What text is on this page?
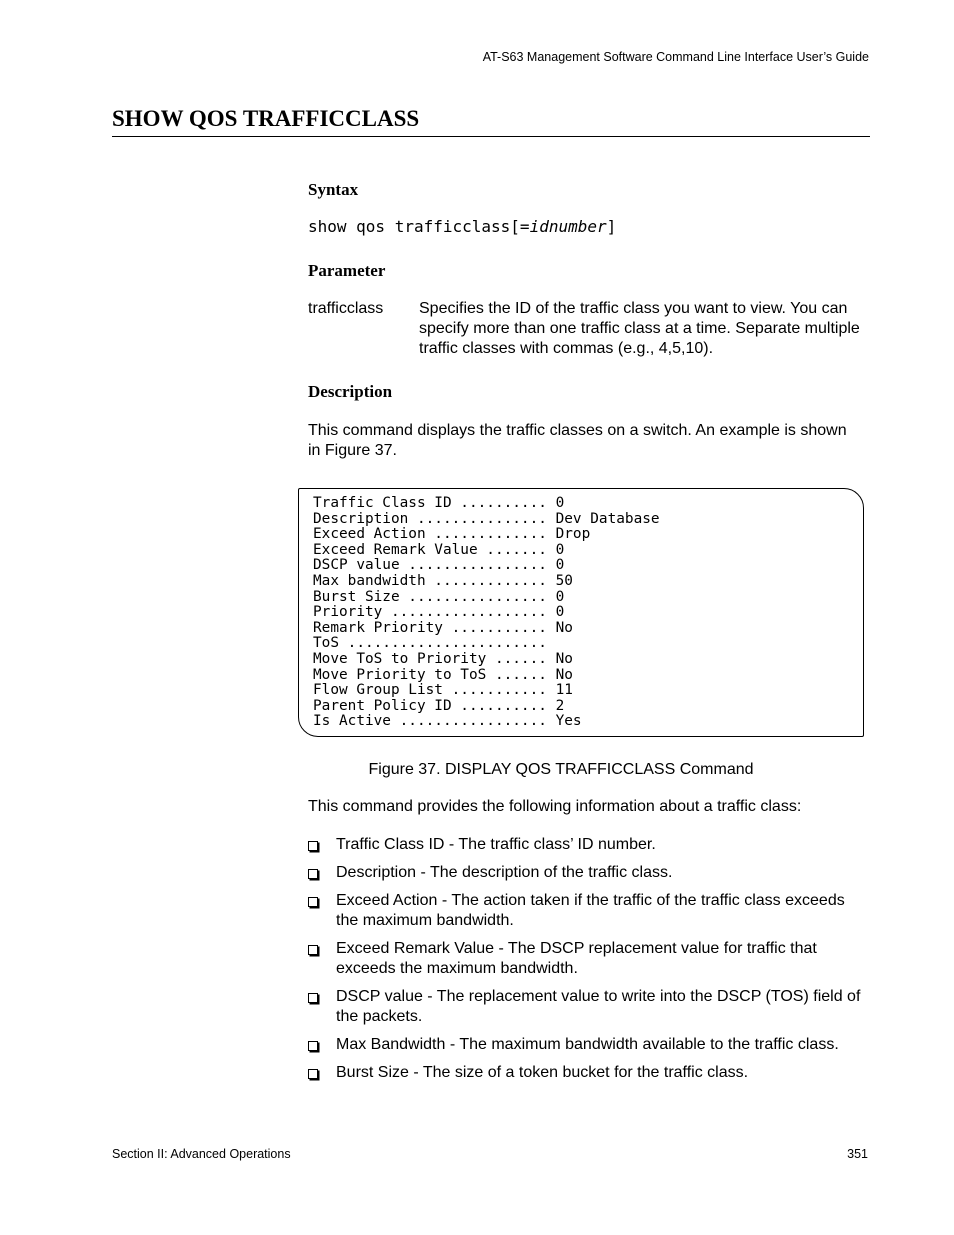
AT-S63 Management Software Command Line Interface User’s Guide
SHOW QOS TRAFFICCLASS
Syntax
show qos trafficclass[=idnumber]
Parameter
trafficclass Specifies the ID of the traffic class you want to view. You can specify more than one traffic class at a time. Separate multiple traffic classes with commas (e.g., 4,5,10).
Description
This command displays the traffic classes on a switch. An example is shown in Figure 37.
Traffic Class ID .......... 0
Description ............... Dev Database
Exceed Action ............. Drop
Exceed Remark Value ....... 0
DSCP value ................ 0
Max bandwidth ............. 50
Burst Size ................ 0
Priority .................. 0
Remark Priority ........... No
ToS .......................
Move ToS to Priority ...... No
Move Priority to ToS ...... No
Flow Group List ........... 11
Parent Policy ID .......... 2
Is Active ................. Yes
Figure 37. DISPLAY QOS TRAFFICCLASS Command
This command provides the following information about a traffic class:
Traffic Class ID - The traffic class’ ID number.
Description - The description of the traffic class.
Exceed Action - The action taken if the traffic of the traffic class exceeds the maximum bandwidth.
Exceed Remark Value - The DSCP replacement value for traffic that exceeds the maximum bandwidth.
DSCP value - The replacement value to write into the DSCP (TOS) field of the packets.
Max Bandwidth - The maximum bandwidth available to the traffic class.
Burst Size - The size of a token bucket for the traffic class.
Section II: Advanced Operations	351
